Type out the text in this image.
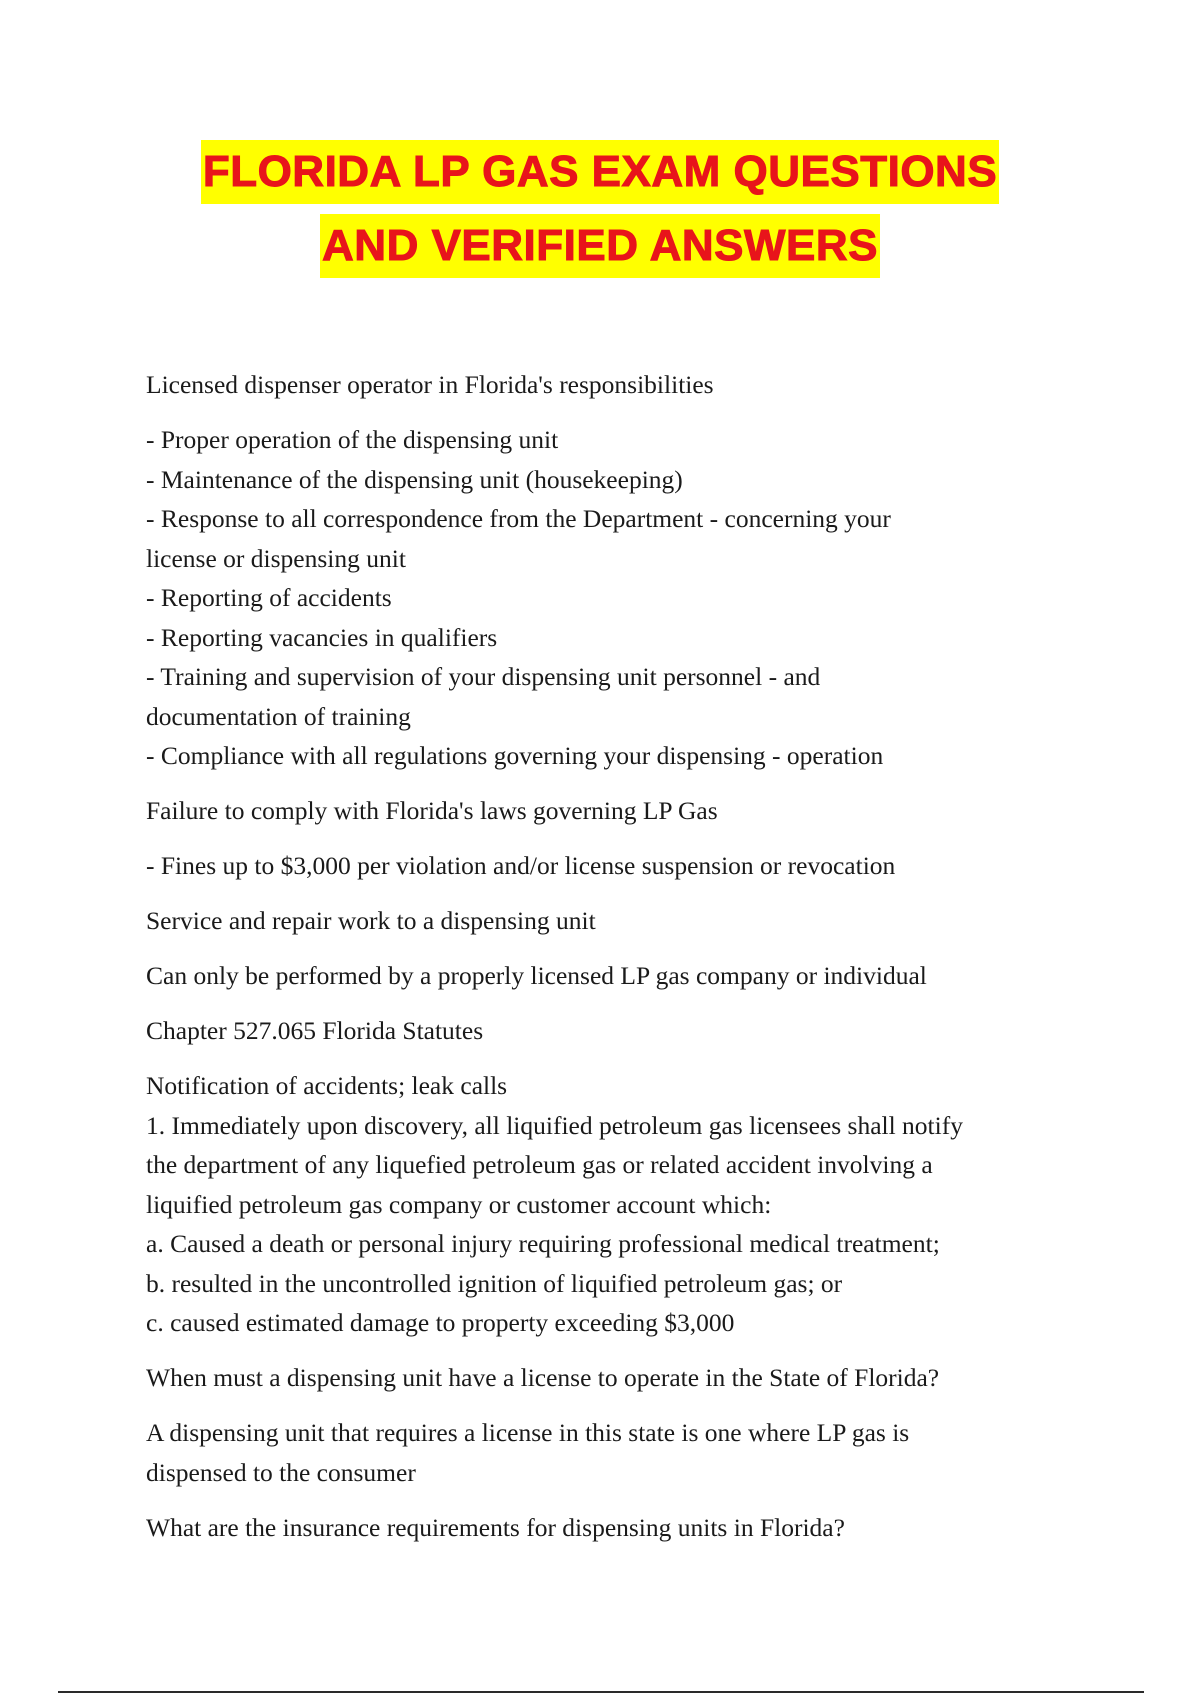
FLORIDA LP GAS EXAM QUESTIONS
AND VERIFIED ANSWERS
Licensed dispenser operator in Florida's responsibilities
- Proper operation of the dispensing unit
- Maintenance of the dispensing unit (housekeeping)
- Response to all correspondence from the Department - concerning your
license or dispensing unit
- Reporting of accidents
- Reporting vacancies in qualifiers
- Training and supervision of your dispensing unit personnel - and
documentation of training
- Compliance with all regulations governing your dispensing - operation
Failure to comply with Florida's laws governing LP Gas
- Fines up to $3,000 per violation and/or license suspension or revocation
Service and repair work to a dispensing unit
Can only be performed by a properly licensed LP gas company or individual
Chapter 527.065 Florida Statutes
Notification of accidents; leak calls
1. Immediately upon discovery, all liquified petroleum gas licensees shall notify
the department of any liquefied petroleum gas or related accident involving a
liquified petroleum gas company or customer account which:
a. Caused a death or personal injury requiring professional medical treatment;
b. resulted in the uncontrolled ignition of liquified petroleum gas; or
c. caused estimated damage to property exceeding $3,000
When must a dispensing unit have a license to operate in the State of Florida?
A dispensing unit that requires a license in this state is one where LP gas is
dispensed to the consumer
What are the insurance requirements for dispensing units in Florida?
